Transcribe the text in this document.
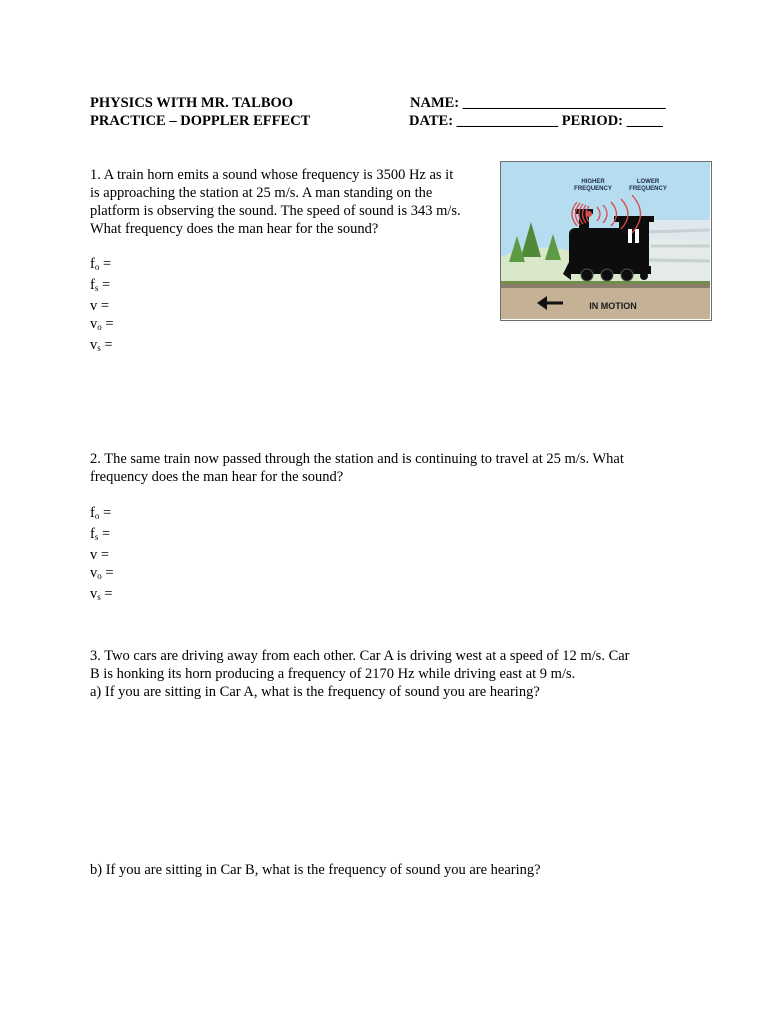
PHYSICS WITH MR. TALBOO
PRACTICE – DOPPLER EFFECT
NAME: ____________________________
DATE: ______________ PERIOD: _____
1. A train horn emits a sound whose frequency is 3500 Hz as it
is approaching the station at 25 m/s. A man standing on the
platform is observing the sound. The speed of sound is 343 m/s.
What frequency does the man hear for the sound?
$f_o$ =
$f_s$ =
v =
$v_o$ =
$v_s$ =
HIGHER
FREQUENCY
LOWER
FREQUENCY
IN MOTION
2. The same train now passed through the station and is continuing to travel at 25 m/s. What
frequency does the man hear for the sound?
$f_o$ =
$f_s$ =
v =
$v_o$ =
$v_s$ =
3. Two cars are driving away from each other. Car A is driving west at a speed of 12 m/s. Car
B is honking its horn producing a frequency of 2170 Hz while driving east at 9 m/s.
a) If you are sitting in Car A, what is the frequency of sound you are hearing?
b) If you are sitting in Car B, what is the frequency of sound you are hearing?
